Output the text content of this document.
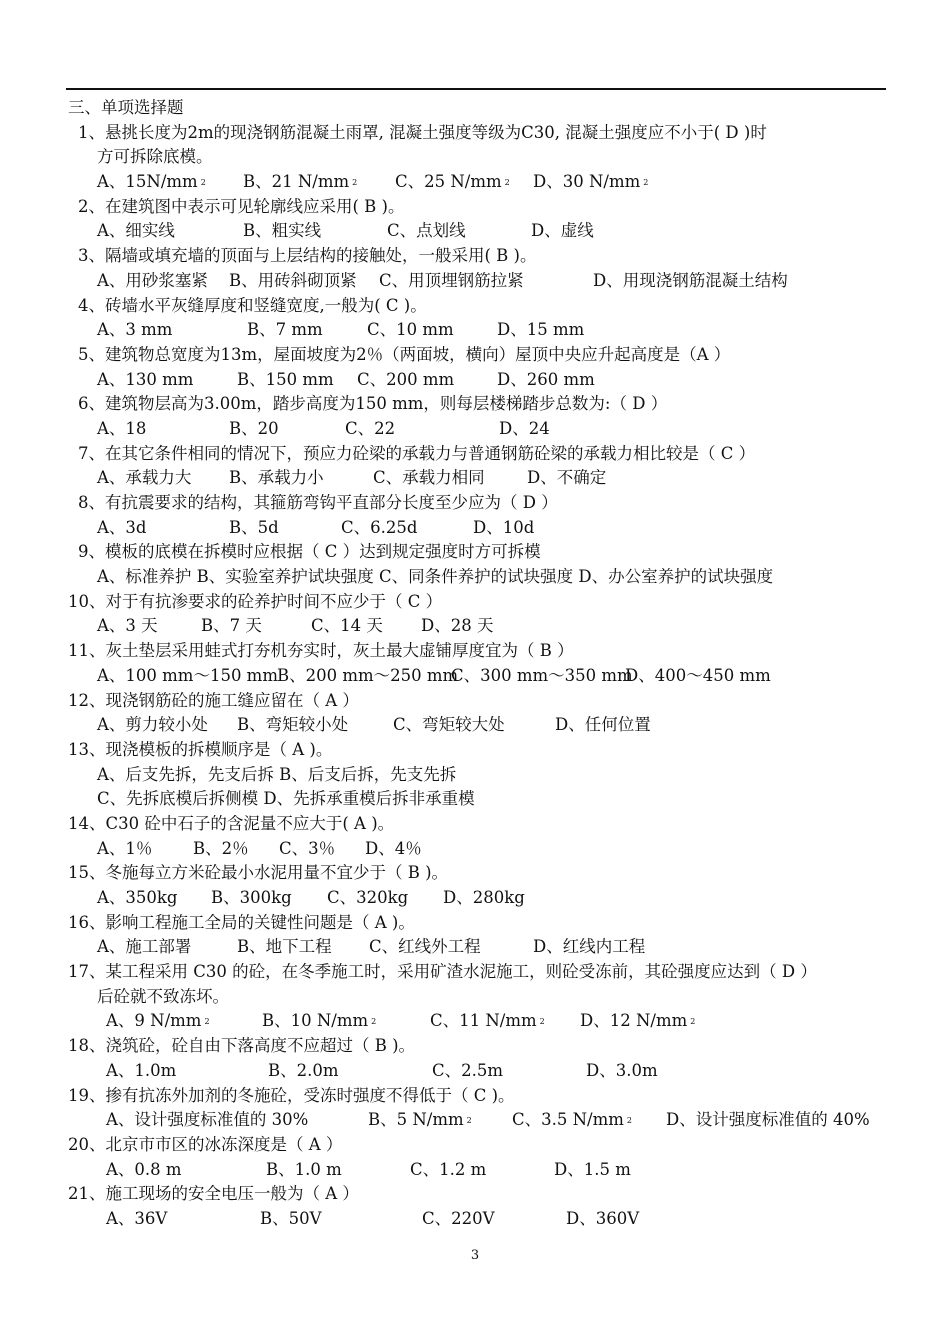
三、单项选择题
1、悬挑长度为2m的现浇钢筋混凝土雨罩, 混凝土强度等级为C30, 混凝土强度应不小于( D )时
方可拆除底模。
A、15N/mm $^2$ B、21 N/mm $^2$ C、25 N/mm $^2$ D、30 N/mm $^2$
2、在建筑图中表示可见轮廓线应采用( B )。
A、细实线	B、粗实线	C、点划线	D、虚线
3、隔墙或填充墙的顶面与上层结构的接触处，一般采用( B )。
A、用砂浆塞紧 B、用砖斜砌顶紧 C、用顶埋钢筋拉紧	D、用现浇钢筋混凝土结构
4、砖墙水平灰缝厚度和竖缝宽度,一般为( C )。
A、3 mm	B、7 mm	C、10 mm	D、15 mm
5、建筑物总宽度为13m，屋面坡度为2％（两面坡，横向）屋顶中央应升起高度是（A ）
A、130 mm	B、150 mm C、200 mm	D、260 mm
6、建筑物层高为3.00m，踏步高度为150 mm，则每层楼梯踏步总数为:（ D ）
A、18	B、20	C、22	D、24
7、在其它条件相同的情况下，预应力砼梁的承载力与普通钢筋砼梁的承载力相比较是（ C ）
A、承载力大 B、承载力小	C、承载力相同	D、不确定
8、有抗震要求的结构，其箍筋弯钩平直部分长度至少应为（ D ）
A、3d	B、5d	C、6.25d	D、10d
9、模板的底模在拆模时应根据（ C ）达到规定强度时方可拆模
A、标准养护 B、实验室养护试块强度 C、同条件养护的试块强度 D、办公室养护的试块强度
10、对于有抗渗要求的砼养护时间不应少于（ C ）
A、3 天	B、7 天	C、14 天 D、28 天
11、灰土垫层采用蛙式打夯机夯实时，灰土最大虚铺厚度宜为（ B ）
A、100 mm～150 mmB、200 mm～250 mmC、300 mm～350 mmD、400～450 mm
12、现浇钢筋砼的施工缝应留在（ A ）
A、剪力较小处 B、弯矩较小处	C、弯矩较大处	D、任何位置
13、现浇模板的拆模顺序是（ A )。
A、后支先拆，先支后拆 B、后支后拆，先支先拆
C、先拆底模后拆侧模 D、先拆承重模后拆非承重模
14、C30 砼中石子的含泥量不应大于( A )。
A、1％ B、2％ C、3％ D、4％
15、冬施每立方米砼最小水泥用量不宜少于（ B )。
A、350kg B、300kg C、320kg D、280kg
16、影响工程施工全局的关键性问题是（ A )。
A、施工部署	B、地下工程 C、红线外工程	D、红线内工程
17、某工程采用 C30 的砼，在冬季施工时，采用矿渣水泥施工，则砼受冻前，其砼强度应达到（ D ）
后砼就不致冻坏。
A、9 N/mm $^2$	B、10 N/mm $^2$	C、11 N/mm $^2$ D、12 N/mm $^2$
18、浇筑砼，砼自由下落高度不应超过（ B )。
A、1.0m	B、2.0m	C、2.5m	D、3.0m
19、掺有抗冻外加剂的冬施砼，受冻时强度不得低于（ C )。
A、设计强度标准值的 30%	B、5 N/mm $^2$ C、3.5 N/mm $^2$ D、设计强度标准值的 40%
20、北京市市区的冰冻深度是（ A ）
A、0.8 m	B、1.0 m	C、1.2 m	D、1.5 m
21、施工现场的安全电压一般为（ A ）
A、36V	B、50V	C、220V	D、360V
3
